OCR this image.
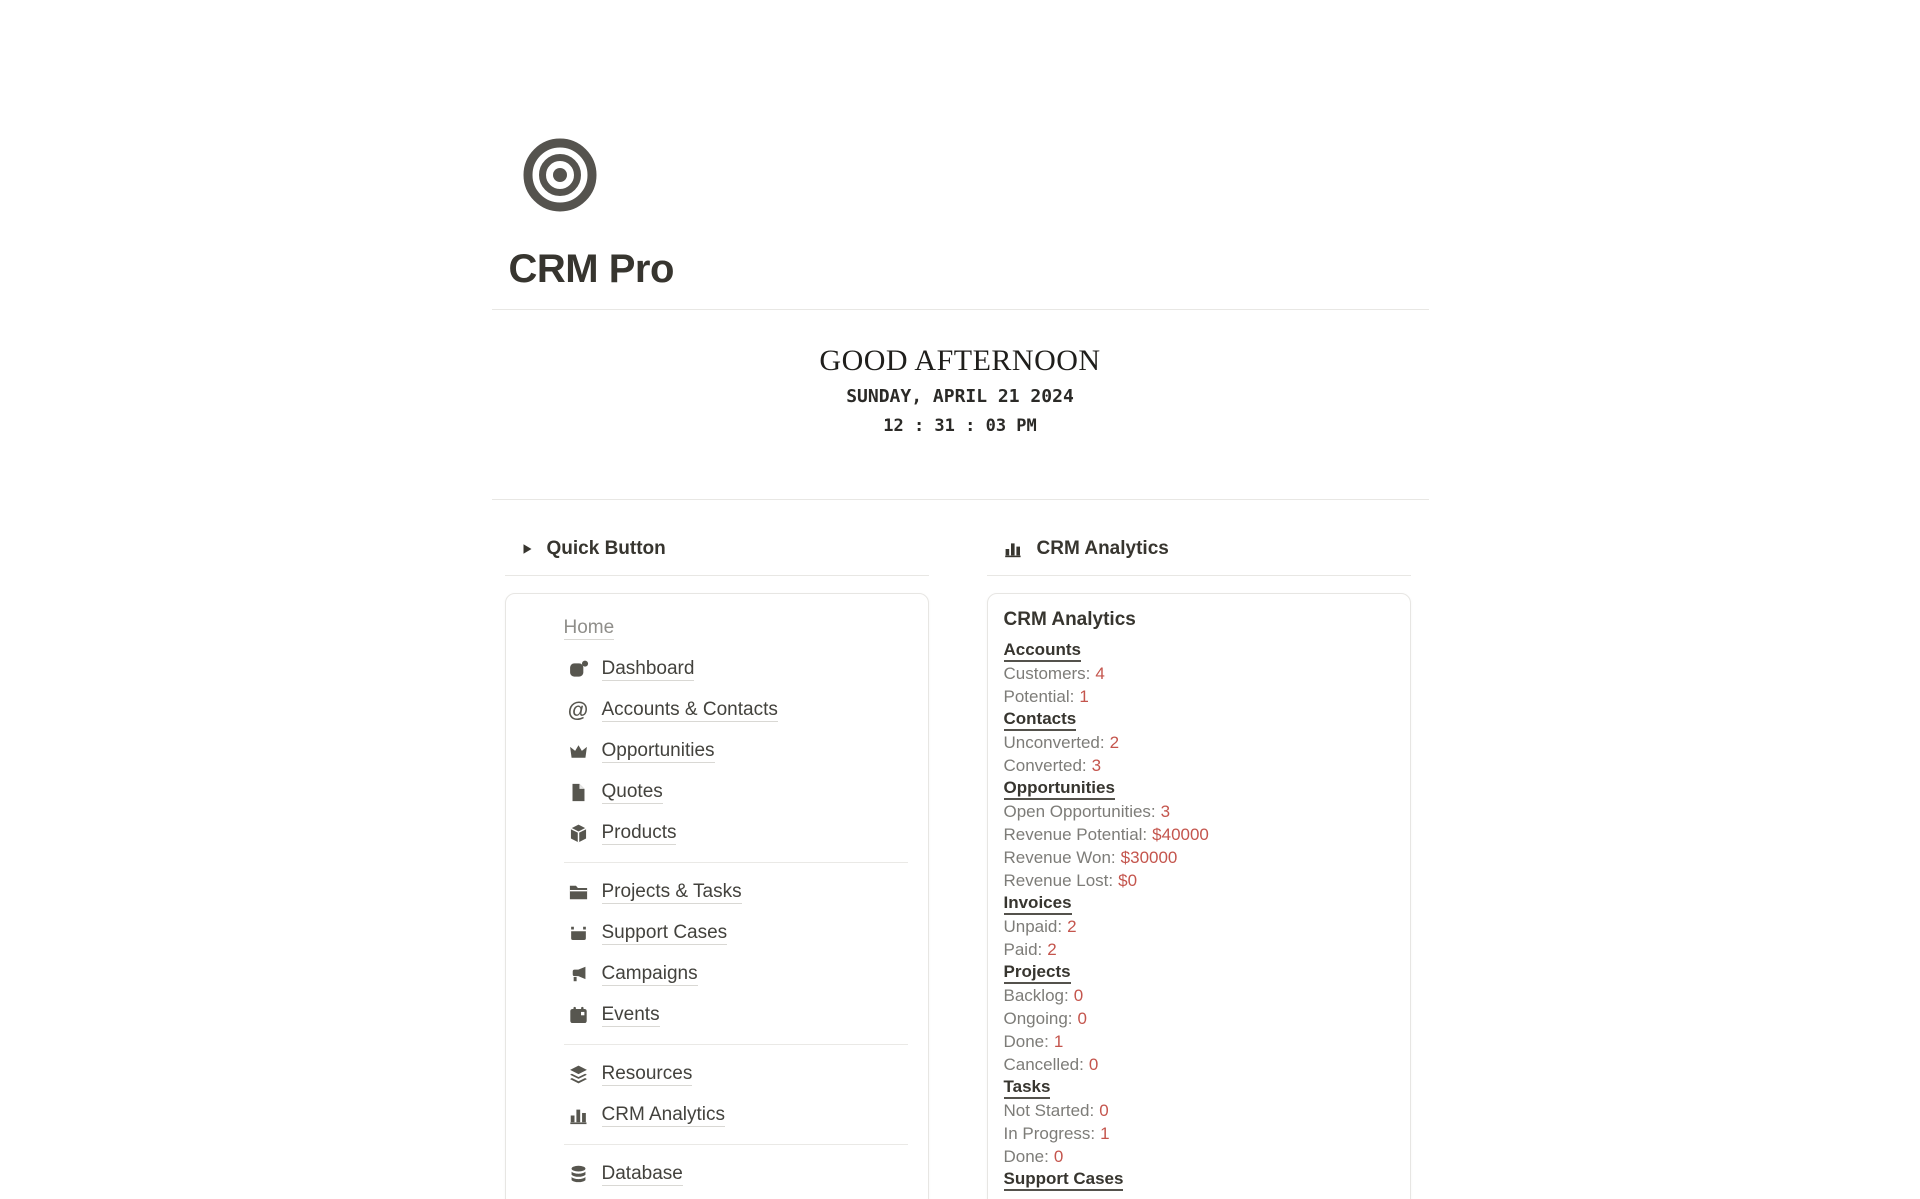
CRM Pro
GOOD AFTERNOON
SUNDAY, APRIL 21 2024
12 : 31 : 03 PM
Quick Button
Home
Dashboard
@ Accounts & Contacts
Opportunities
Quotes
Products
Projects & Tasks
Support Cases
Campaigns
Events
Resources
CRM Analytics
Database
CRM Analytics
CRM Analytics
Accounts
Customers: 4
Potential: 1
Contacts
Unconverted: 2
Converted: 3
Opportunities
Open Opportunities: 3
Revenue Potential: $40000
Revenue Won: $30000
Revenue Lost: $0
Invoices
Unpaid: 2
Paid: 2
Projects
Backlog: 0
Ongoing: 0
Done: 1
Cancelled: 0
Tasks
Not Started: 0
In Progress: 1
Done: 0
Support Cases
